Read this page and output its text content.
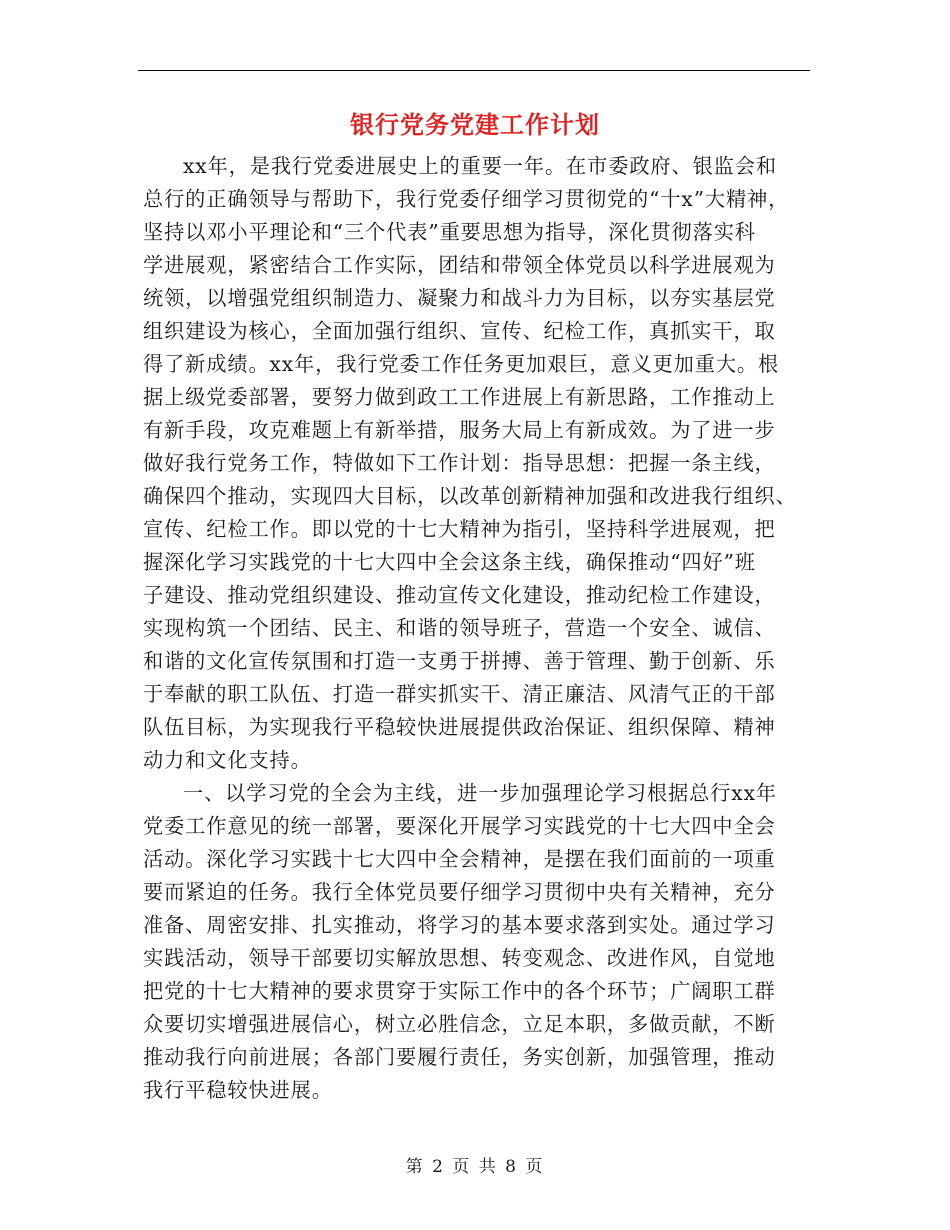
银行党务党建工作计划
xx年，是我行党委进展史上的重要一年。在市委政府、银监会和
总行的正确领导与帮助下，我行党委仔细学习贯彻党的“十x”大精神，
坚持以邓小平理论和“三个代表”重要思想为指导，深化贯彻落实科
学进展观，紧密结合工作实际，团结和带领全体党员以科学进展观为
统领，以增强党组织制造力、凝聚力和战斗力为目标，以夯实基层党
组织建设为核心，全面加强行组织、宣传、纪检工作，真抓实干，取
得了新成绩。xx年，我行党委工作任务更加艰巨，意义更加重大。根
据上级党委部署，要努力做到政工工作进展上有新思路，工作推动上
有新手段，攻克难题上有新举措，服务大局上有新成效。为了进一步
做好我行党务工作，特做如下工作计划：指导思想：把握一条主线，
确保四个推动，实现四大目标，以改革创新精神加强和改进我行组织、
宣传、纪检工作。即以党的十七大精神为指引，坚持科学进展观，把
握深化学习实践党的十七大四中全会这条主线，确保推动“四好”班
子建设、推动党组织建设、推动宣传文化建设，推动纪检工作建设，
实现构筑一个团结、民主、和谐的领导班子，营造一个安全、诚信、
和谐的文化宣传氛围和打造一支勇于拼搏、善于管理、勤于创新、乐
于奉献的职工队伍、打造一群实抓实干、清正廉洁、风清气正的干部
队伍目标，为实现我行平稳较快进展提供政治保证、组织保障、精神
动力和文化支持。
一、以学习党的全会为主线，进一步加强理论学习根据总行xx年
党委工作意见的统一部署，要深化开展学习实践党的十七大四中全会
活动。深化学习实践十七大四中全会精神，是摆在我们面前的一项重
要而紧迫的任务。我行全体党员要仔细学习贯彻中央有关精神，充分
准备、周密安排、扎实推动，将学习的基本要求落到实处。通过学习
实践活动，领导干部要切实解放思想、转变观念、改进作风，自觉地
把党的十七大精神的要求贯穿于实际工作中的各个环节；广阔职工群
众要切实增强进展信心，树立必胜信念，立足本职，多做贡献，不断
推动我行向前进展；各部门要履行责任，务实创新，加强管理，推动
我行平稳较快进展。
第 2 页 共 8 页
